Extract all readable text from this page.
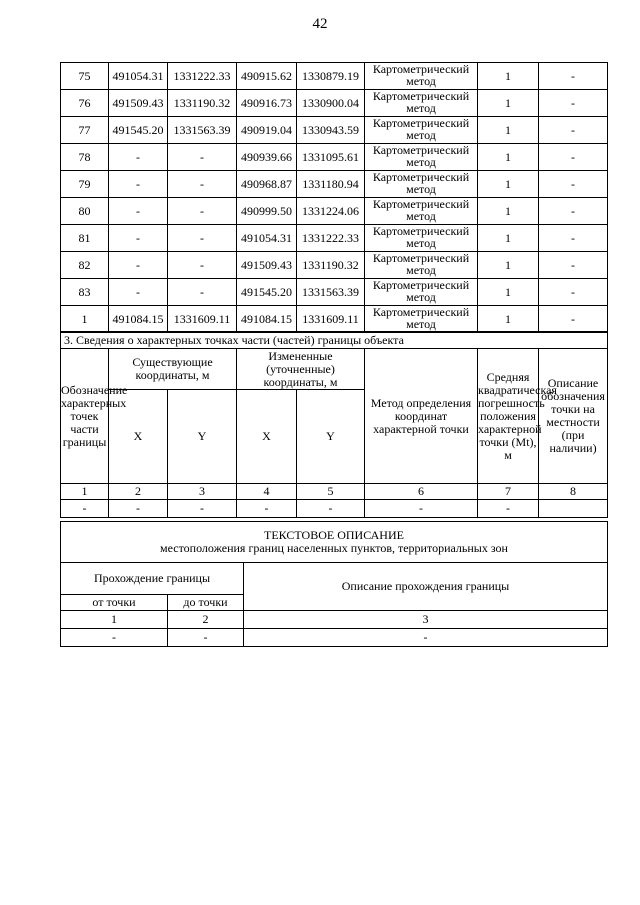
42
75	491054.31	1331222.33	490915.62	1330879.19	Картометрический метод	1	-
76	491509.43	1331190.32	490916.73	1330900.04	Картометрический метод	1	-
77	491545.20	1331563.39	490919.04	1330943.59	Картометрический метод	1	-
78	-	-	490939.66	1331095.61	Картометрический метод	1	-
79	-	-	490968.87	1331180.94	Картометрический метод	1	-
80	-	-	490999.50	1331224.06	Картометрический метод	1	-
81	-	-	491054.31	1331222.33	Картометрический метод	1	-
82	-	-	491509.43	1331190.32	Картометрический метод	1	-
83	-	-	491545.20	1331563.39	Картометрический метод	1	-
1	491084.15	1331609.11	491084.15	1331609.11	Картометрический метод	1	-
3. Сведения о характерных точках части (частей) границы объекта							
Обозначение характерных точек части границы	Существующие координаты, м		Измененные (уточненные) координаты, м		Метод определения координат характерной точки	Средняя квадратическая погрешность положения характерной точки (Mt), м	Описание обозначения точки на местности (при наличии)
	X	Y	X	Y			
1	2	3	4	5	6	7	8
-	-	-	-	-	-	-	
ТЕКСТОВОЕ ОПИСАНИЕ
местоположения границ населенных пунктов, территориальных зон		

Прохождение границы		Описание прохождения границы
от точки	до точки	
1	2	3
-	-	-
